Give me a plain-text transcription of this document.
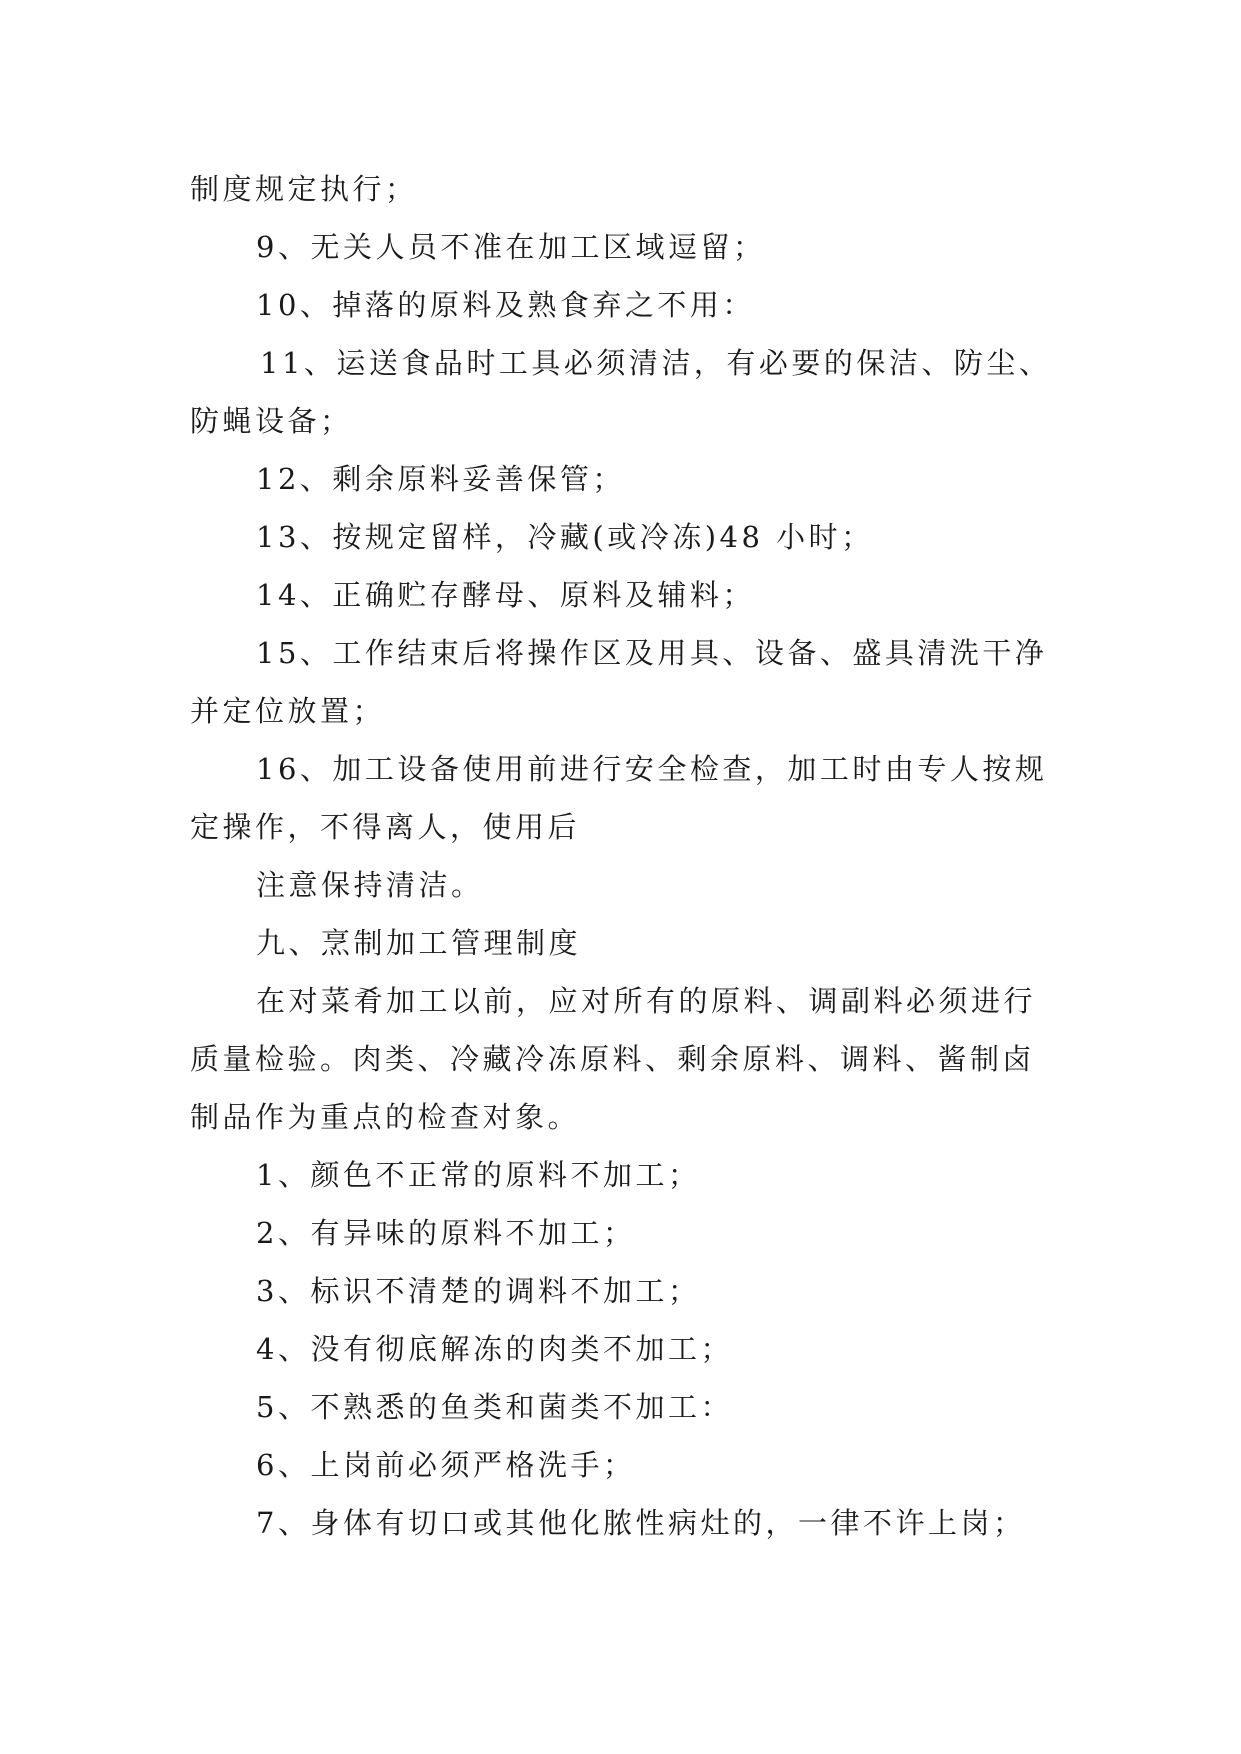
制度规定执行；
9、无关人员不准在加工区域逗留；
10、掉落的原料及熟食弃之不用：
11、运送食品时工具必须清洁，有必要的保洁、防尘、
防蝇设备；
12、剩余原料妥善保管；
13、按规定留样，冷藏(或冷冻)48 小时；
14、正确贮存酵母、原料及辅料；
15、工作结束后将操作区及用具、设备、盛具清洗干净
并定位放置；
16、加工设备使用前进行安全检查，加工时由专人按规
定操作，不得离人，使用后
注意保持清洁。
九、烹制加工管理制度
在对菜肴加工以前，应对所有的原料、调副料必须进行
质量检验。肉类、冷藏冷冻原料、剩余原料、调料、酱制卤
制品作为重点的检查对象。
1、颜色不正常的原料不加工；
2、有异味的原料不加工；
3、标识不清楚的调料不加工；
4、没有彻底解冻的肉类不加工；
5、不熟悉的鱼类和菌类不加工：
6、上岗前必须严格洗手；
7、身体有切口或其他化脓性病灶的，一律不许上岗；
